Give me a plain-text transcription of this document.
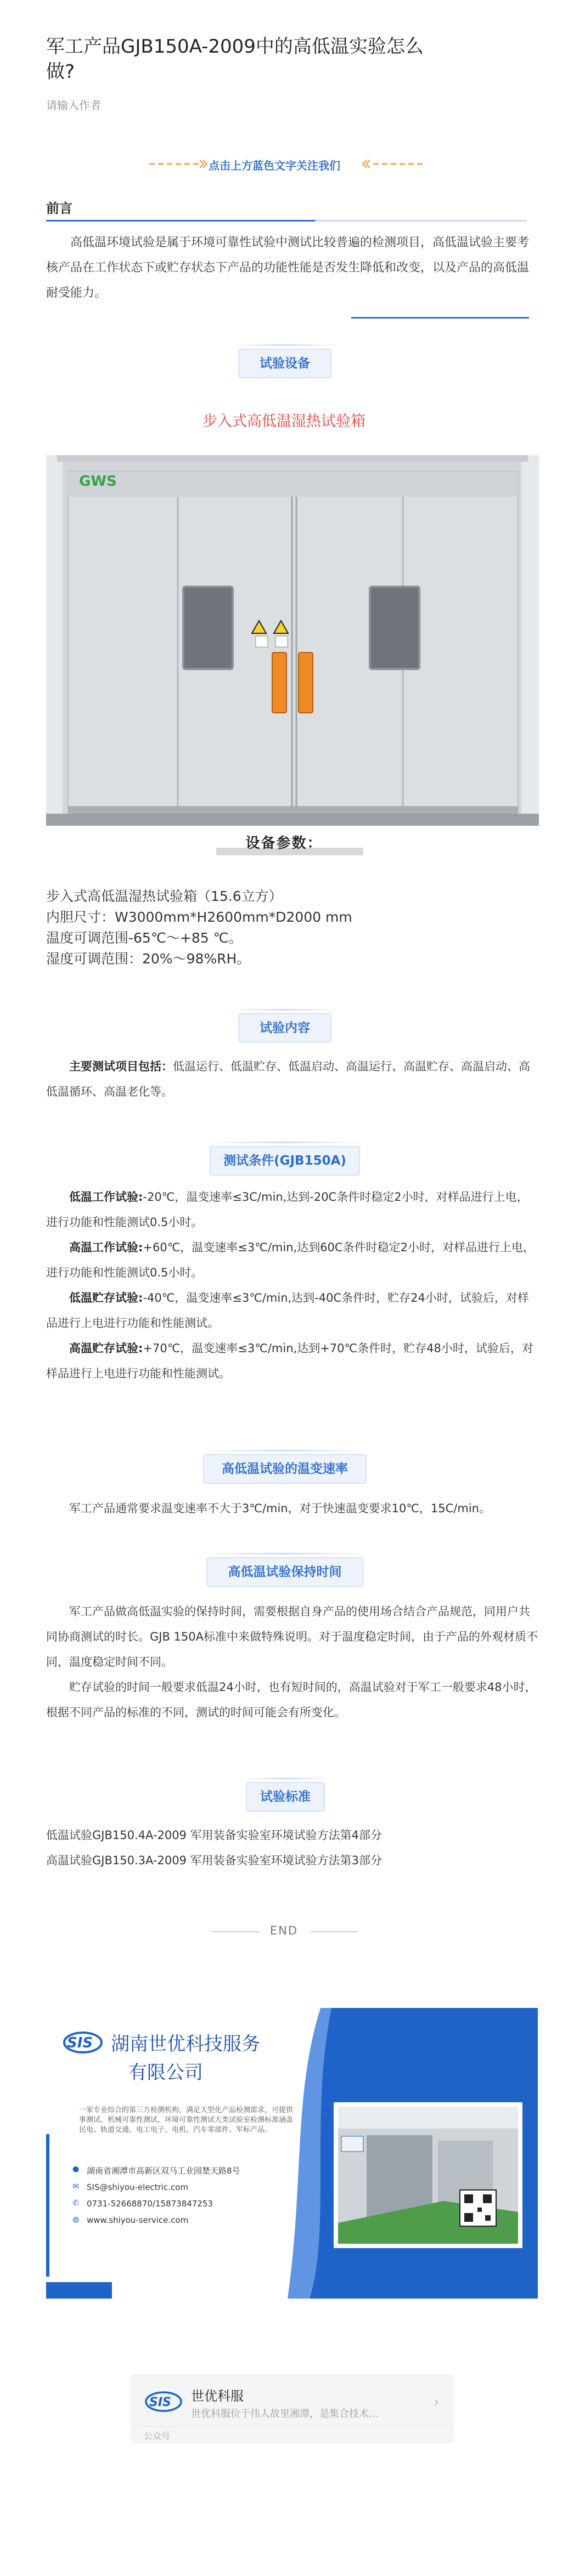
军工产品GJB150A-2009中的高低温实验怎么做?
请输入作者
点击上方蓝色文字关注我们
前言
高低温环境试验是属于环境可靠性试验中测试比较普遍的检测项目，高低温试验主要考核产品在工作状态下或贮存状态下产品的功能性能是否发生降低和改变，以及产品的高低温耐受能力。
试验设备
步入式高低温湿热试验箱
GWS
设备参数：
步入式高低温湿热试验箱（15.6立方）
内胆尺寸：W3000mm*H2600mm*D2000 mm
温度可调范围-65℃～+85 ℃。
湿度可调范围：20%～98%RH。
试验内容
主要测试项目包括：低温运行、低温贮存、低温启动、高温运行、高温贮存、高温启动、高低温循环、高温老化等。
测试条件(GJB150A)
低温工作试验:-20℃，温变速率≤3C/min,达到-20C条件时稳定2小时，对样品进行上电，进行功能和性能测试0.5小时。
高温工作试验:+60℃，温变速率≤3℃/min,达到60C条件时稳定2小时，对样品进行上电，进行功能和性能测试0.5小时。
低温贮存试验:-40℃，温变速率≤3℃/min,达到-40C条件时，贮存24小时，试验后，对样品进行上电进行功能和性能测试。
高温贮存试验:+70℃，温变速率≤3℃/min,达到+70℃条件时，贮存48小时，试验后，对样品进行上电进行功能和性能测试。
高低温试验的温变速率
军工产品通常要求温变速率不大于3℃/min，对于快速温变要求10℃，15C/min。
高低温试验保持时间
军工产品做高低温实验的保持时间，需要根据自身产品的使用场合结合产品规范，同用户共同协商测试的时长。GJB 150A标准中来做特殊说明。对于温度稳定时间，由于产品的外观材质不同，温度稳定时间不同。
贮存试验的时间一般要求低温24小时，也有短时间的，高温试验对于军工一般要求48小时，根据不同产品的标准的不同，测试的时间可能会有所变化。
试验标准
低温试验GJB150.4A-2009 军用装备实验室环境试验方法第4部分
高温试验GJB150.3A-2009 军用装备实验室环境试验方法第3部分
END
SIS 湖南世优科技服务
有限公司
一家专业综合的第三方检测机构，满足大型化产品检测需求，可提供事测试、机械可靠性测试、环境可靠性测试大类试验室检测标准涵盖民电、轨道交通、电工电子、电机、汽车零部件、军标产品。
● 湖南省湘潭市高新区双马工业园楚天路8号
✉ SIS@shiyou-electric.com
✆ 0731-52668870/15873847253
◍ www.shiyou-service.com
SIS 世优科服
世优科服位于伟人故里湘潭，是集合技术...
›
公众号
